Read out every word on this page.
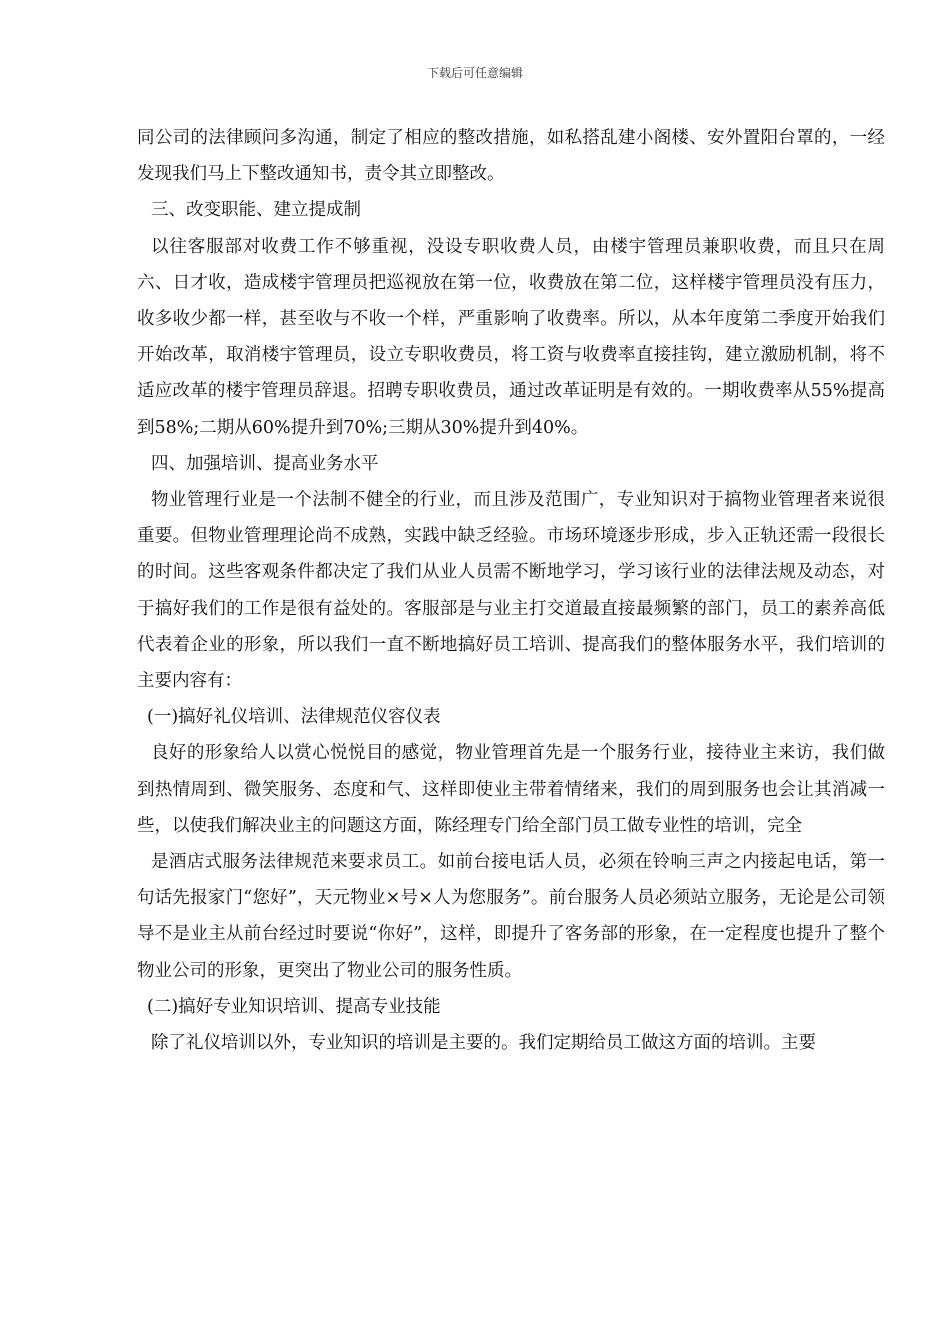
下载后可任意编辑

同公司的法律顾问多沟通，制定了相应的整改措施，如私搭乱建小阁楼、安外置阳台罩的，一经发现我们马上下整改通知书，责令其立即整改。

三、改变职能、建立提成制

以往客服部对收费工作不够重视，没设专职收费人员，由楼宇管理员兼职收费，而且只在周六、日才收，造成楼宇管理员把巡视放在第一位，收费放在第二位，这样楼宇管理员没有压力，收多收少都一样，甚至收与不收一个样，严重影响了收费率。所以，从本年度第二季度开始我们开始改革，取消楼宇管理员，设立专职收费员，将工资与收费率直接挂钩，建立激励机制，将不适应改革的楼宇管理员辞退。招聘专职收费员，通过改革证明是有效的。一期收费率从55%提高到58%;二期从60%提升到70%;三期从30%提升到40%。

四、加强培训、提高业务水平

物业管理行业是一个法制不健全的行业，而且涉及范围广，专业知识对于搞物业管理者来说很重要。但物业管理理论尚不成熟，实践中缺乏经验。市场环境逐步形成，步入正轨还需一段很长的时间。这些客观条件都决定了我们从业人员需不断地学习，学习该行业的法律法规及动态，对于搞好我们的工作是很有益处的。客服部是与业主打交道最直接最频繁的部门，员工的素养高低代表着企业的形象，所以我们一直不断地搞好员工培训、提高我们的整体服务水平，我们培训的主要内容有：

(一)搞好礼仪培训、法律规范仪容仪表

良好的形象给人以赏心悦悦目的感觉，物业管理首先是一个服务行业，接待业主来访，我们做到热情周到、微笑服务、态度和气、这样即使业主带着情绪来，我们的周到服务也会让其消减一些，以使我们解决业主的问题这方面，陈经理专门给全部门员工做专业性的培训，完全

是酒店式服务法律规范来要求员工。如前台接电话人员，必须在铃响三声之内接起电话，第一句话先报家门“您好”，天元物业×号×人为您服务”。前台服务人员必须站立服务，无论是公司领导不是业主从前台经过时要说“你好”，这样，即提升了客务部的形象，在一定程度也提升了整个物业公司的形象，更突出了物业公司的服务性质。

(二)搞好专业知识培训、提高专业技能

除了礼仪培训以外，专业知识的培训是主要的。我们定期给员工做这方面的培训。主要
